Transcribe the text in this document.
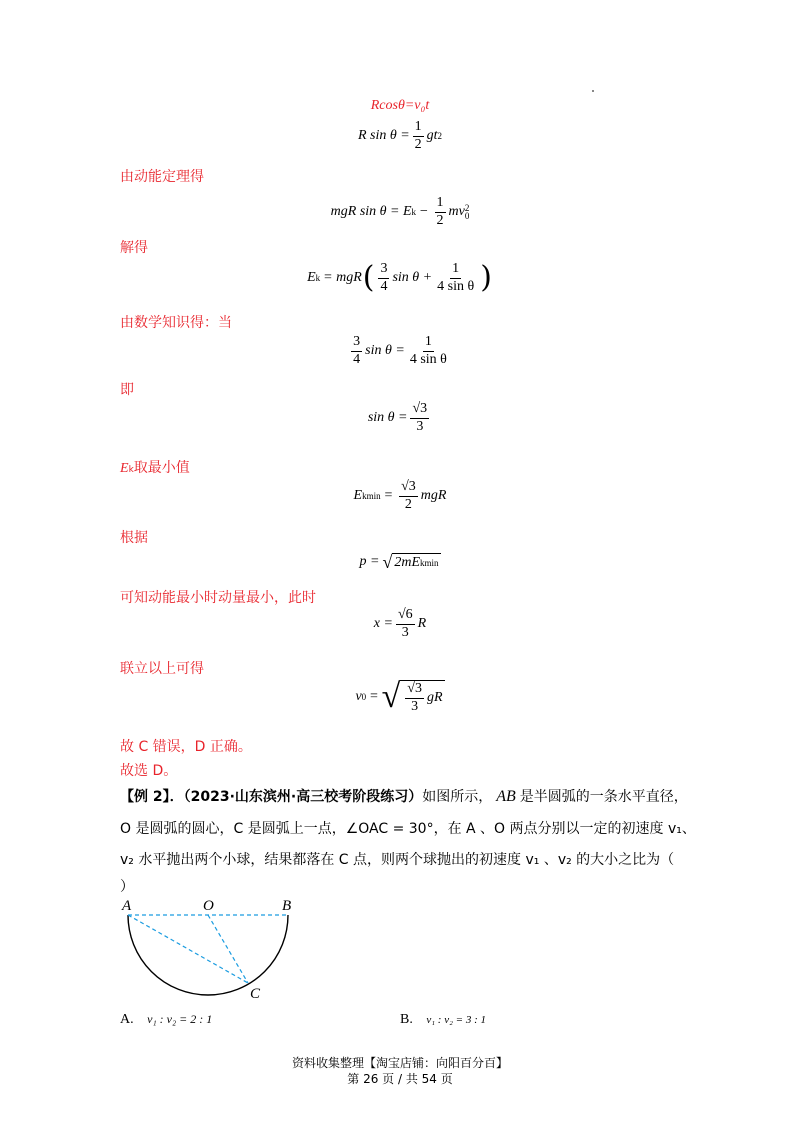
Rcosθ=v₀t
R $\sin \theta = \frac{1}{2}$ gt 2
由动能定理得
mgR sin θ = E $k - \frac{1}{2}$ mv 2
0
解得
E k = mgR ( $\frac{3}{4}$ $\sin \theta + \frac{1}{\text{4 sin θ}}$ )
由数学知识得：当
$\frac{3}{4}$ $\sin \theta = \frac{1}{\text{4 sin θ}}$
即
$\sin \theta = \frac{√3}{3}$
Ek取最小值
E $kmin = \frac{√3}{2}$ mgR
根据
p = √ 2mE kmin
可知动能最小时动量最小，此时
$x = \frac{√6}{3}$ R
联立以上可得
v 0 = √ $\frac{√3}{3}$ gR
故 C 错误，D 正确。
故选 D。
【例 2】．（2023·山东滨州·高三校考阶段练习）如图所示， AB 是半圆弧的一条水平直径，
O 是圆弧的圆心，C 是圆弧上一点，∠OAC = 30°，在 A 、O 两点分别以一定的初速度 v₁、
v₂ 水平抛出两个小球，结果都落在 C 点，则两个球抛出的初速度 v₁ 、v₂ 的大小之比为（
）
A	O	B
C
A. v₁ : v₂ = 2 : 1	B. v₁ : v₂ = 3 : 1
资料收集整理【淘宝店铺：向阳百分百】
第 26 页 / 共 54 页
